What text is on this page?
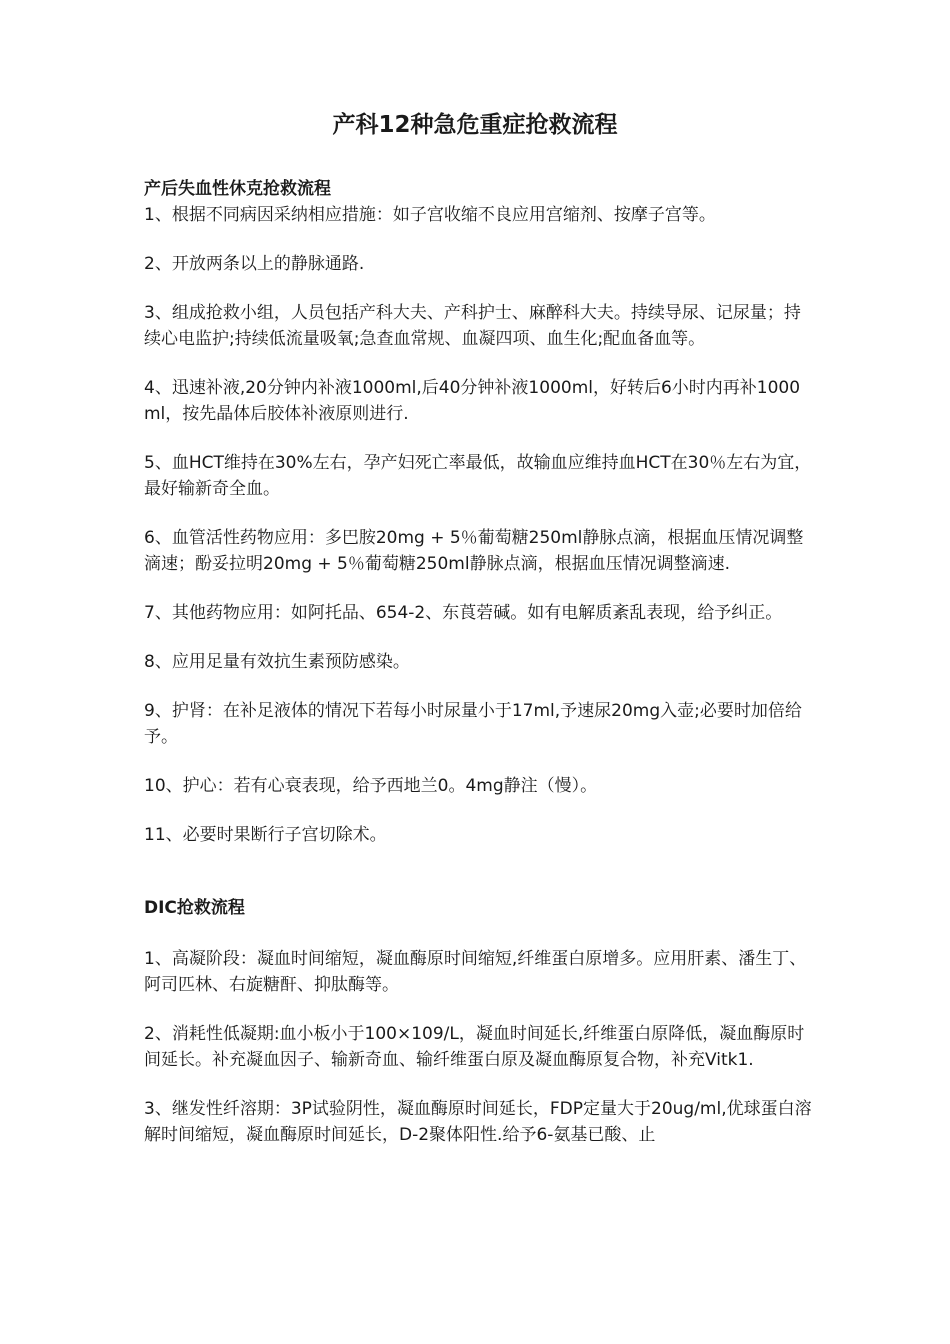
产科12种急危重症抢救流程

产后失血性休克抢救流程

1、根据不同病因采纳相应措施：如子宫收缩不良应用宫缩剂、按摩子宫等。

2、开放两条以上的静脉通路.

3、组成抢救小组，人员包括产科大夫、产科护士、麻醉科大夫。持续导尿、记尿量；持续心电监护;持续低流量吸氧;急查血常规、血凝四项、血生化;配血备血等。

4、迅速补液,20分钟内补液1000ml,后40分钟补液1000ml，好转后6小时内再补1000ml，按先晶体后胶体补液原则进行.

5、血HCT维持在30%左右，孕产妇死亡率最低，故输血应维持血HCT在30％左右为宜，最好输新奇全血。

6、血管活性药物应用：多巴胺20mg + 5％葡萄糖250ml静脉点滴，根据血压情况调整滴速；酚妥拉明20mg + 5％葡萄糖250ml静脉点滴，根据血压情况调整滴速.

7、其他药物应用：如阿托品、654-2、东莨菪碱。如有电解质紊乱表现，给予纠正。

8、应用足量有效抗生素预防感染。

9、护肾：在补足液体的情况下若每小时尿量小于17ml,予速尿20mg入壶;必要时加倍给予。

10、护心：若有心衰表现，给予西地兰0。4mg静注（慢）。

11、必要时果断行子宫切除术。

DIC抢救流程

1、高凝阶段：凝血时间缩短，凝血酶原时间缩短,纤维蛋白原增多。应用肝素、潘生丁、阿司匹林、右旋糖酐、抑肽酶等。

2、消耗性低凝期:血小板小于100×109/L，凝血时间延长,纤维蛋白原降低，凝血酶原时间延长。补充凝血因子、输新奇血、输纤维蛋白原及凝血酶原复合物，补充Vitk1.

3、继发性纤溶期：3P试验阴性，凝血酶原时间延长，FDP定量大于20ug/ml,优球蛋白溶解时间缩短，凝血酶原时间延长，D-2聚体阳性.给予6-氨基已酸、止
